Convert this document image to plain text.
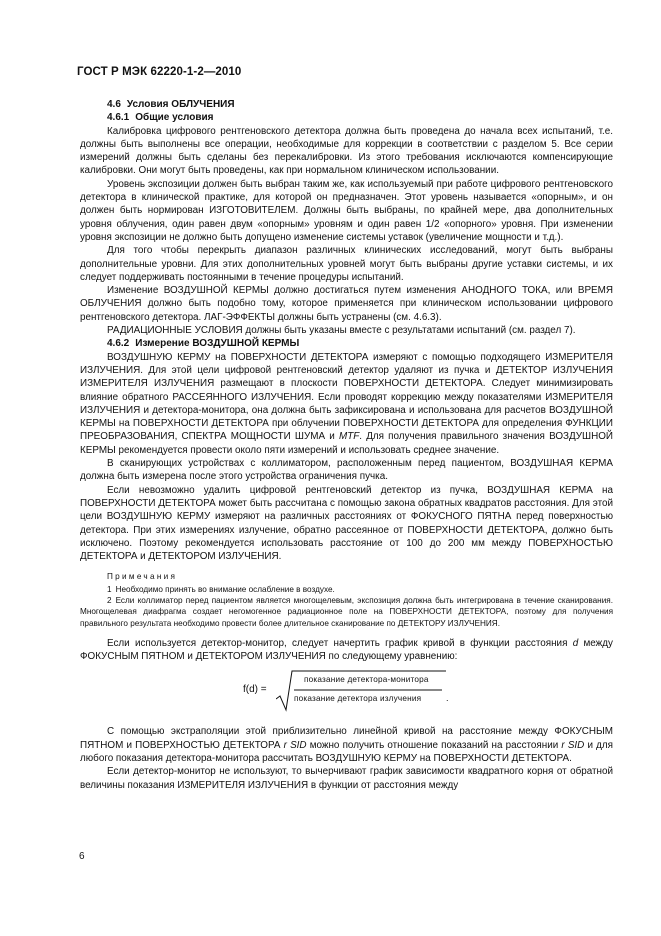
ГОСТ Р МЭК 62220-1-2—2010
4.6 Условия ОБЛУЧЕНИЯ
4.6.1 Общие условия

Калибровка цифрового рентгеновского детектора должна быть проведена до начала всех испытаний, т.е. должны быть выполнены все операции, необходимые для коррекции в соответствии с разделом 5. Все серии измерений должны быть сделаны без перекалибровки. Из этого требования исключаются компенсирующие калибровки. Они могут быть проведены, как при нормальном клиническом использовании.

Уровень экспозиции должен быть выбран таким же, как используемый при работе цифрового рентгеновского детектора в клинической практике, для которой он предназначен. Этот уровень называется «опорным», и он должен быть нормирован ИЗГОТОВИТЕЛЕМ. Должны быть выбраны, по крайней мере, два дополнительных уровня облучения, один равен двум «опорным» уровням и один равен 1/2 «опорного» уровня. При изменении уровня экспозиции не должно быть допущено изменение системы уставок (увеличение мощности и т.д.).

Для того чтобы перекрыть диапазон различных клинических исследований, могут быть выбраны дополнительные уровни. Для этих дополнительных уровней могут быть выбраны другие уставки системы, и их следует поддерживать постоянными в течение процедуры испытаний.

Изменение ВОЗДУШНОЙ КЕРМЫ должно достигаться путем изменения АНОДНОГО ТОКА, или ВРЕМЯ ОБЛУЧЕНИЯ должно быть подобно тому, которое применяется при клиническом использовании цифрового рентгеновского детектора. ЛАГ-ЭФФЕКТЫ должны быть устранены (см. 4.6.3).

РАДИАЦИОННЫЕ УСЛОВИЯ должны быть указаны вместе с результатами испытаний (см. раздел 7).

4.6.2 Измерение ВОЗДУШНОЙ КЕРМЫ

ВОЗДУШНУЮ КЕРМУ на ПОВЕРХНОСТИ ДЕТЕКТОРА измеряют с помощью подходящего ИЗМЕРИТЕЛЯ ИЗЛУЧЕНИЯ. Для этой цели цифровой рентгеновский детектор удаляют из пучка и ДЕТЕКТОР ИЗЛУЧЕНИЯ ИЗМЕРИТЕЛЯ ИЗЛУЧЕНИЯ размещают в плоскости ПОВЕРХНОСТИ ДЕТЕКТОРА. Следует минимизировать влияние обратного РАССЕЯННОГО ИЗЛУЧЕНИЯ. Если проводят коррекцию между показателями ИЗМЕРИТЕЛЯ ИЗЛУЧЕНИЯ и детектора-монитора, она должна быть зафиксирована и использована для расчетов ВОЗДУШНОЙ КЕРМЫ на ПОВЕРХНОСТИ ДЕТЕКТОРА при облучении ПОВЕРХНОСТИ ДЕТЕКТОРА для определения ФУНКЦИИ ПРЕОБРАЗОВАНИЯ, СПЕКТРА МОЩНОСТИ ШУМА и MTF. Для получения правильного значения ВОЗДУШНОЙ КЕРМЫ рекомендуется провести около пяти измерений и использовать среднее значение.

В сканирующих устройствах с коллиматором, расположенным перед пациентом, ВОЗДУШНАЯ КЕРМА должна быть измерена после этого устройства ограничения пучка.

Если невозможно удалить цифровой рентгеновский детектор из пучка, ВОЗДУШНАЯ КЕРМА на ПОВЕРХНОСТИ ДЕТЕКТОРА может быть рассчитана с помощью закона обратных квадратов расстояния. Для этой цели ВОЗДУШНУЮ КЕРМУ измеряют на различных расстояниях от ФОКУСНОГО ПЯТНА перед поверхностью детектора. При этих измерениях излучение, обратно рассеянное от ПОВЕРХНОСТИ ДЕТЕКТОРА, должно быть исключено. Поэтому рекомендуется использовать расстояние от 100 до 200 мм между ПОВЕРХНОСТЬЮ ДЕТЕКТОРА и ДЕТЕКТОРОМ ИЗЛУЧЕНИЯ.

Примечания

1 Необходимо принять во внимание ослабление в воздухе.

2 Если коллиматор перед пациентом является многощелевым, экспозиция должна быть интегрирована в течение сканирования. Многощелевая диафрагма создает негомогенное радиационное поле на ПОВЕРХНОСТИ ДЕТЕКТОРА, поэтому для получения правильного результата необходимо провести более длительное сканирование по ДЕТЕКТОРУ ИЗЛУЧЕНИЯ.

Если используется детектор-монитор, следует начертить график кривой в функции расстояния d между ФОКУСНЫМ ПЯТНОМ и ДЕТЕКТОРОМ ИЗЛУЧЕНИЯ по следующему уравнению:

f(d) =
показание детектора-монитора
показание детектора излучения	.

С помощью экстраполяции этой приблизительно линейной кривой на расстояние между ФОКУСНЫМ ПЯТНОМ и ПОВЕРХНОСТЬЮ ДЕТЕКТОРА r SID можно получить отношение показаний на расстоянии r SID и для любого показания детектора-монитора рассчитать ВОЗДУШНУЮ КЕРМУ на ПОВЕРХНОСТИ ДЕТЕКТОРА.

Если детектор-монитор не используют, то вычерчивают график зависимости квадратного корня от обратной величины показания ИЗМЕРИТЕЛЯ ИЗЛУЧЕНИЯ в функции от расстояния между

6
